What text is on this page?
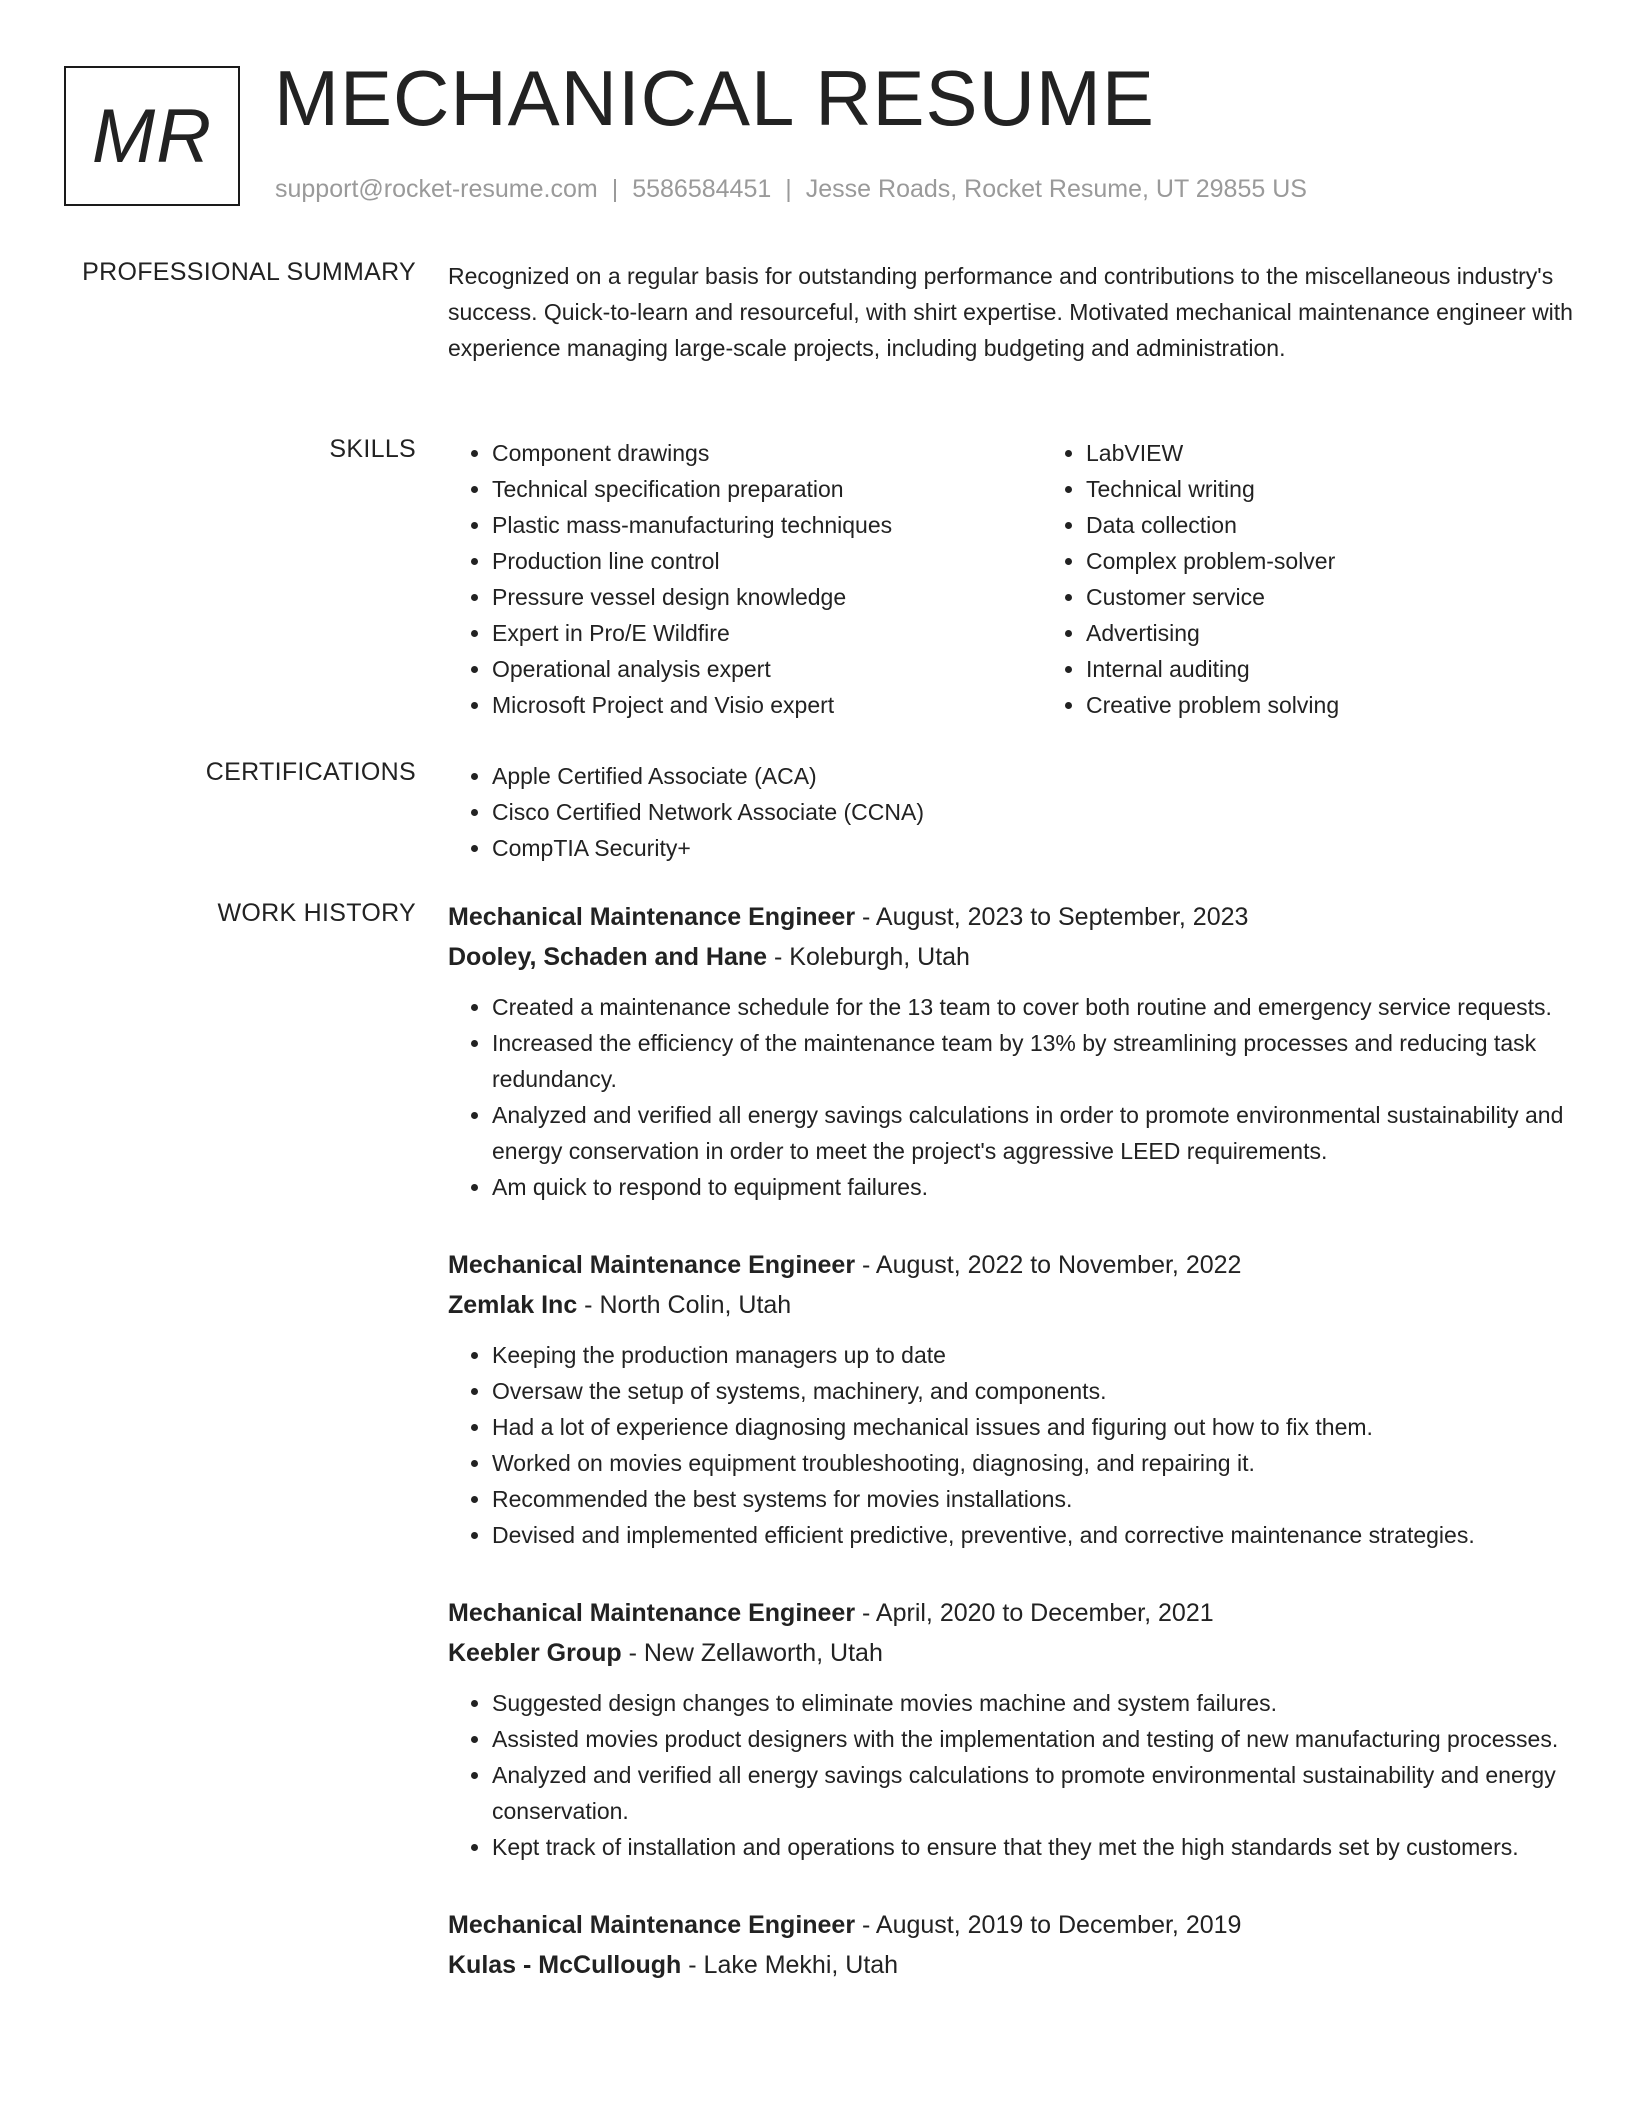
MR MECHANICAL RESUME
support@rocket-resume.com | 5586584451 | Jesse Roads, Rocket Resume, UT 29855 US
PROFESSIONAL SUMMARY Recognized on a regular basis for outstanding performance and contributions to the miscellaneous industry's success. Quick-to-learn and resourceful, with shirt expertise. Motivated mechanical maintenance engineer with experience managing large-scale projects, including budgeting and administration.

SKILLS	• Component drawings
• Technical specification preparation
• Plastic mass-manufacturing techniques
• Production line control
• Pressure vessel design knowledge
• Expert in Pro/E Wildfire
• Operational analysis expert
• Microsoft Project and Visio expert
• LabVIEW
• Technical writing
• Data collection
• Complex problem-solver
• Customer service
• Advertising
• Internal auditing
• Creative problem solving
CERTIFICATIONS	• Apple Certified Associate (ACA)
• Cisco Certified Network Associate (CCNA)
• CompTIA Security+
WORK HISTORY Mechanical Maintenance Engineer - August, 2023 to September, 2023
Dooley, Schaden and Hane - Koleburgh, Utah
• Created a maintenance schedule for the 13 team to cover both routine and emergency service requests.
• Increased the efficiency of the maintenance team by 13% by streamlining processes and reducing task redundancy.
• Analyzed and verified all energy savings calculations in order to promote environmental sustainability and energy conservation in order to meet the project's aggressive LEED requirements.
• Am quick to respond to equipment failures.
Mechanical Maintenance Engineer - August, 2022 to November, 2022
Zemlak Inc - North Colin, Utah
• Keeping the production managers up to date
• Oversaw the setup of systems, machinery, and components.
• Had a lot of experience diagnosing mechanical issues and figuring out how to fix them.
• Worked on movies equipment troubleshooting, diagnosing, and repairing it.
• Recommended the best systems for movies installations.
• Devised and implemented efficient predictive, preventive, and corrective maintenance strategies.
Mechanical Maintenance Engineer - April, 2020 to December, 2021
Keebler Group - New Zellaworth, Utah
• Suggested design changes to eliminate movies machine and system failures.
• Assisted movies product designers with the implementation and testing of new manufacturing processes.
• Analyzed and verified all energy savings calculations to promote environmental sustainability and energy conservation.
• Kept track of installation and operations to ensure that they met the high standards set by customers.
Mechanical Maintenance Engineer - August, 2019 to December, 2019
Kulas - McCullough - Lake Mekhi, Utah
